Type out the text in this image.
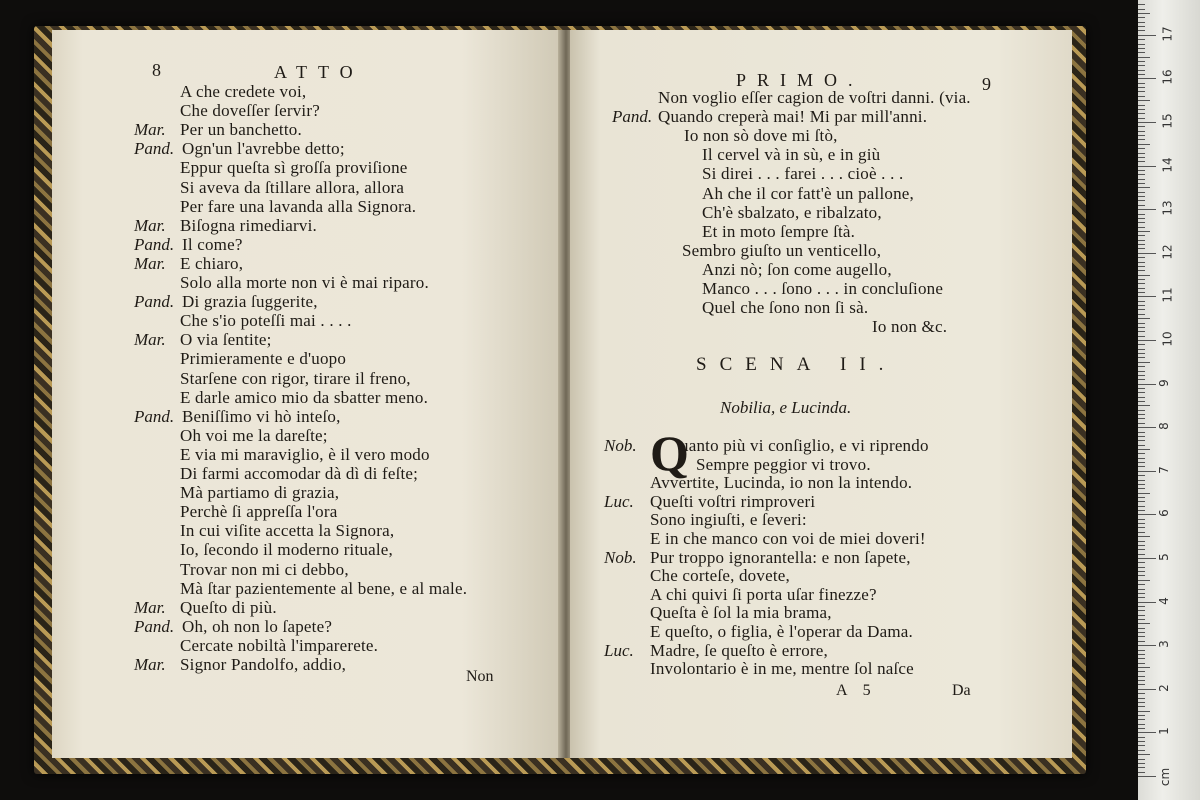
8	ATTO
A che credete voi,
Che doveſſer ſervir?
Mar. Per un banchetto.
Pand. Ogn'un l'avrebbe detto;
Eppur queſta sì groſſa proviſione
Si aveva da ſtillare allora, allora
Per fare una lavanda alla Signora.
Mar. Biſogna rimediarvi.
Pand. Il come?
Mar. E chiaro,
Solo alla morte non vi è mai riparo.
Pand. Di grazia ſuggerite,
Che s'io poteſſi mai . . . .
Mar. O via ſentite;
Primieramente e d'uopo
Starſene con rigor, tirare il freno,
E darle amico mio da sbatter meno.
Pand. Beniſſimo vi hò inteſo,
Oh voi me la dareſte;
E via mi maraviglio, è il vero modo
Di farmi accomodar dà dì di feſte;
Mà partiamo di grazia,
Perchè ſi appreſſa l'ora
In cui viſite accetta la Signora,
Io, ſecondo il moderno rituale,
Trovar non mi ci debbo,
Mà ſtar pazientemente al bene, e al male.
Mar. Queſto di più.
Pand. Oh, oh non lo ſapete?
Cercate nobiltà l'imparerete.
Mar. Signor Pandolfo, addio,
Non
PRIMO.	9
Non voglio eſſer cagion de voſtri danni. (via.
Pand. Quando creperà mai! Mi par mill'anni.
Io non sò dove mi ſtò,
Il cervel và in sù, e in giù
Si direi . . . farei . . . cioè . . .
Ah che il cor fatt'è un pallone,
Ch'è sbalzato, e ribalzato,
Et in moto ſempre ſtà.
Sembro giuſto un venticello,
Anzi nò; ſon come augello,
Manco . . . ſono . . . in concluſione
Quel che ſono non ſi sà.
Io non &c.
SCENA II.
Nobilia, e Lucinda.
Q
Nob.	uanto più vi conſiglio, e vi riprendo
Sempre peggior vi trovo.
Avvertite, Lucinda, io non la intendo.
Luc. Queſti voſtri rimproveri
Sono ingiuſti, e ſeveri:
E in che manco con voi de miei doveri!
Nob. Pur troppo ignorantella: e non ſapete,
Che corteſe, dovete,
A chi quivi ſi porta uſar finezze?
Queſta è ſol la mia brama,
E queſto, o figlia, è l'operar da Dama.
Luc. Madre, ſe queſto è errore,
Involontario è in me, mentre ſol naſce
A 5	Da
cm
1
2
3
4
5
6
7
8
9
10
11
12
13
14
15
16
17
